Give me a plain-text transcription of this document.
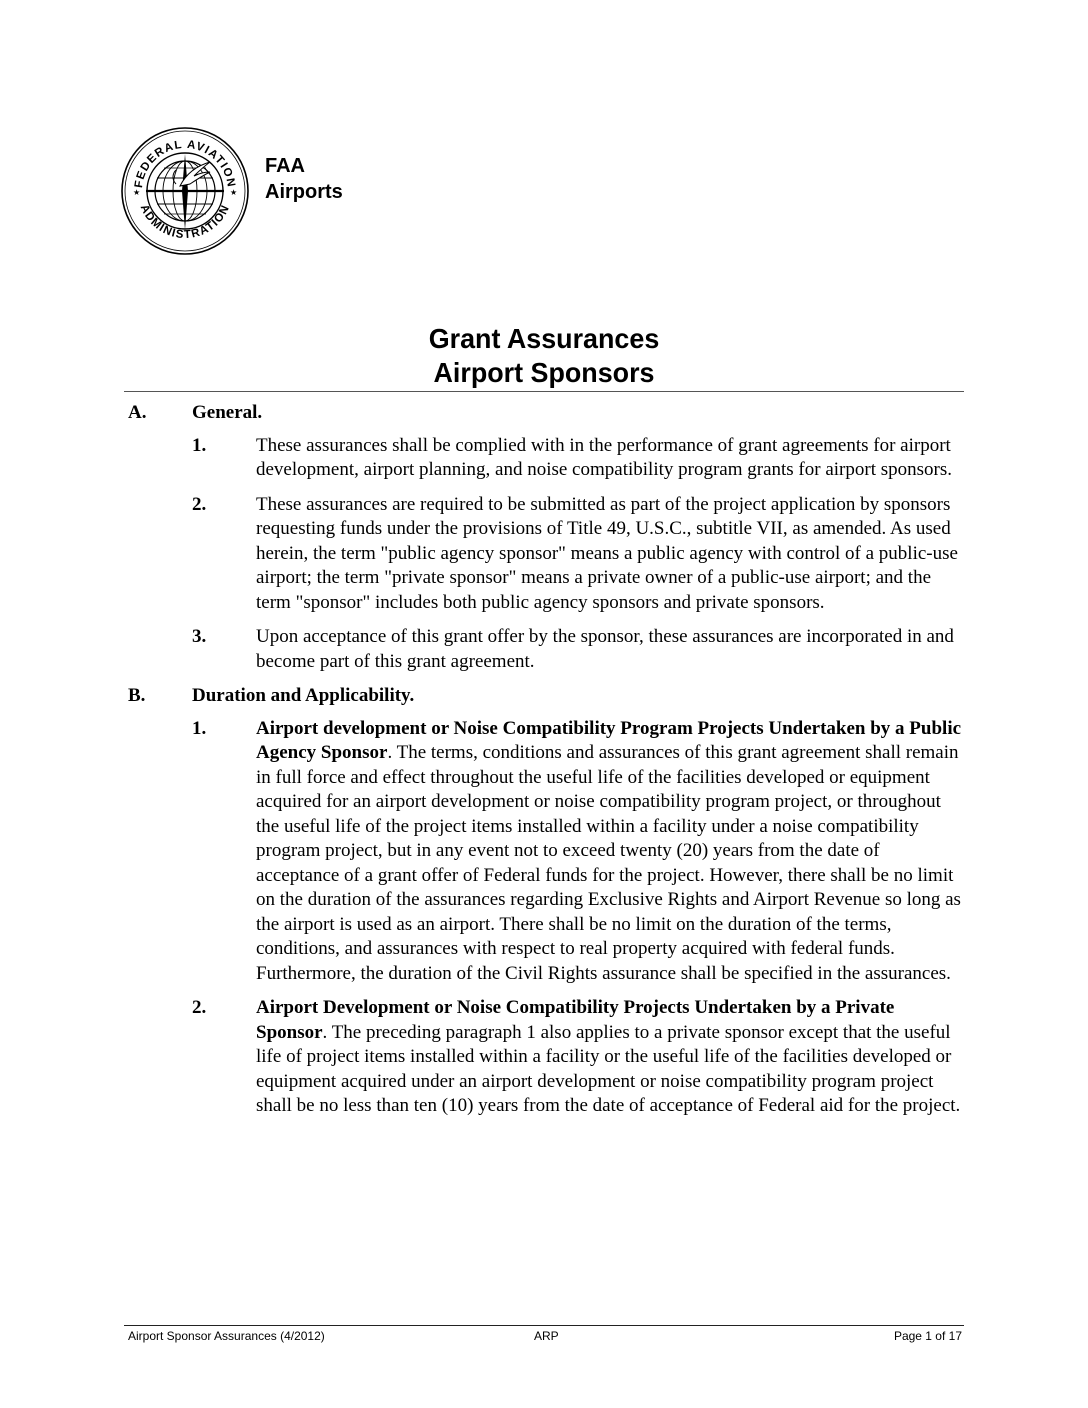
FEDERAL AVIATION
ADMINISTRATION
★	★
FAA
Airports
Grant Assurances
Airport Sponsors
A. General.
1.	These assurances shall be complied with in the performance of grant agreements for airport development, airport planning, and noise compatibility program grants for airport sponsors.
2.	These assurances are required to be submitted as part of the project application by sponsors requesting funds under the provisions of Title 49, U.S.C., subtitle VII, as amended. As used herein, the term "public agency sponsor" means a public agency with control of a public-use airport; the term "private sponsor" means a private owner of a public-use airport; and the term "sponsor" includes both public agency sponsors and private sponsors.
3.	Upon acceptance of this grant offer by the sponsor, these assurances are incorporated in and become part of this grant agreement.
B. Duration and Applicability.
1.	Airport development or Noise Compatibility Program Projects Undertaken by a Public Agency Sponsor. The terms, conditions and assurances of this grant agreement shall remain in full force and effect throughout the useful life of the facilities developed or equipment acquired for an airport development or noise compatibility program project, or throughout the useful life of the project items installed within a facility under a noise compatibility program project, but in any event not to exceed twenty (20) years from the date of acceptance of a grant offer of Federal funds for the project. However, there shall be no limit on the duration of the assurances regarding Exclusive Rights and Airport Revenue so long as the airport is used as an airport. There shall be no limit on the duration of the terms, conditions, and assurances with respect to real property acquired with federal funds. Furthermore, the duration of the Civil Rights assurance shall be specified in the assurances.
2.	Airport Development or Noise Compatibility Projects Undertaken by a Private Sponsor. The preceding paragraph 1 also applies to a private sponsor except that the useful life of project items installed within a facility or the useful life of the facilities developed or equipment acquired under an airport development or noise compatibility program project shall be no less than ten (10) years from the date of acceptance of Federal aid for the project.
Airport Sponsor Assurances (4/2012)	ARP	Page 1 of 17
